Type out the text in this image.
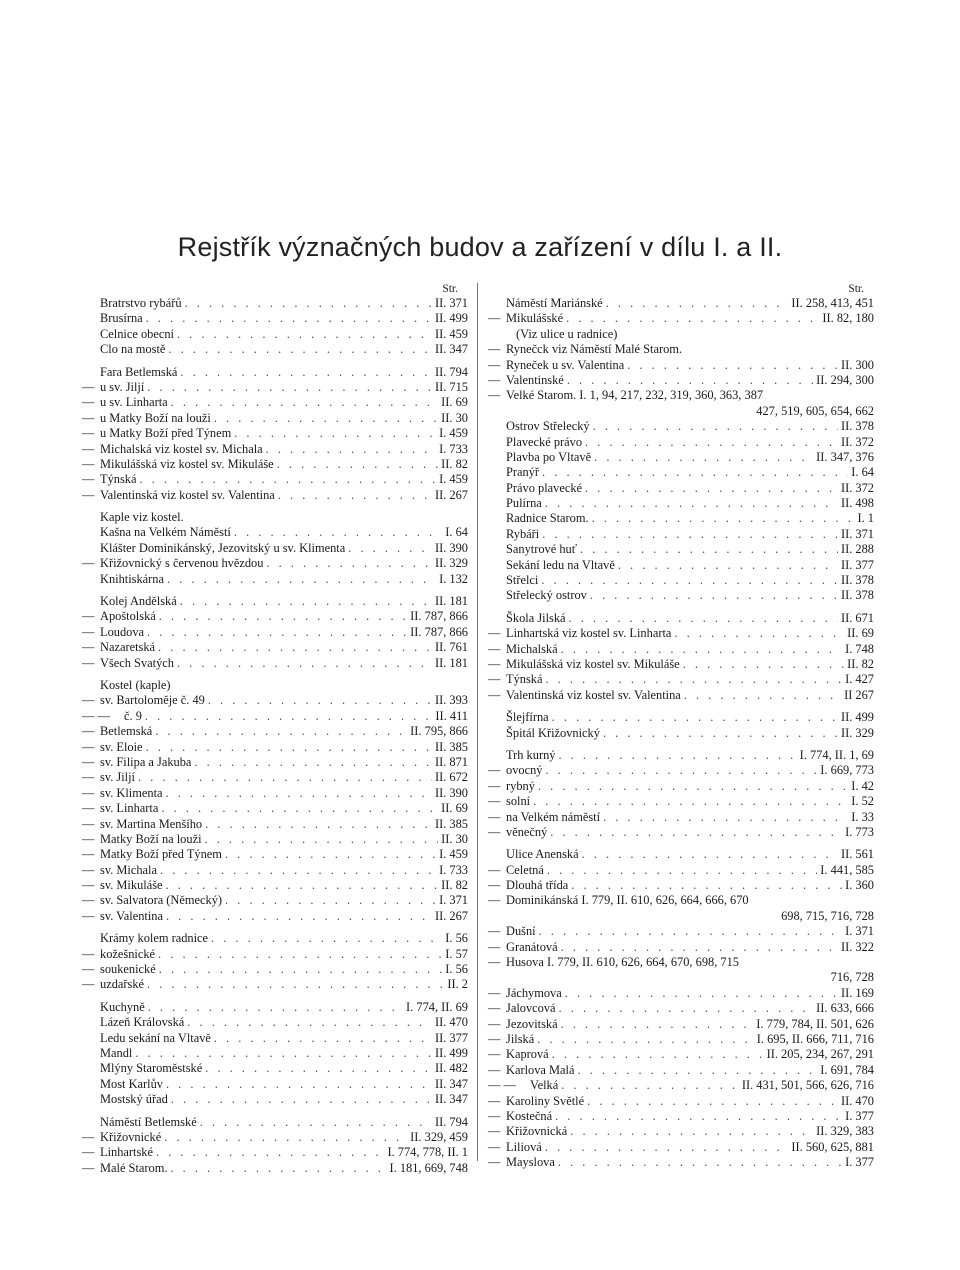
Rejstřík význačných budov a zařízení v dílu I. a II.
Str.
Bratrstvo rybářů . . .	II. 371
Brusírna . . .	II. 499
Celnice obecní . . .	II. 459
Clo na mostě . . .	II. 347
Fara Betlemská . . .	II. 794
— u sv. Jiljí . . .	II. 715
— u sv. Linharta . . .	II. 69
— u Matky Boží na louži . . .	II. 30
— u Matky Boží před Týnem . . .	I. 459
— Michalská viz kostel sv. Michala . . .	I. 733
— Mikulášská viz kostel sv. Mikuláše . . .	II. 82
— Týnská . . .	I. 459
— Valentinská viz kostel sv. Valentina . . .	II. 267
Kaple viz kostel.
Kašna na Velkém Náměstí . . .	I. 64
Klášter Dominikánský, Jezovitský u sv. Klimenta . . .	II. 390
— Křižovnický s červenou hvězdou . . .	II. 329
Knihtiskárna . . .	I. 132
Kolej Andělská . . .	II. 181
— Apoštolská . . .	II. 787, 866
— Loudova . . .	II. 787, 866
— Nazaretská . . .	II. 761
— Všech Svatých . . .	II. 181
Kostel (kaple)
— sv. Bartoloměje č. 49 . . .	II. 393
— —	č. 9 . . .	II. 411
— Betlemská . . .	II. 795, 866
— sv. Eloie . . .	II. 385
— sv. Filipa a Jakuba . . .	II. 871
— sv. Jiljí . . .	II. 672
— sv. Klimenta . . .	II. 390
— sv. Linharta . . .	II. 69
— sv. Martina Menšího . . .	II. 385
— Matky Boží na louži . . .	II. 30
— Matky Boží před Týnem . . .	I. 459
— sv. Michala . . .	I. 733
— sv. Mikuláše . . .	II. 82
— sv. Salvatora (Německý) . . .	I. 371
— sv. Valentina . . .	II. 267
Krámy kolem radnice . . .	I. 56
— kožešnické . . .	I. 57
— soukenické . . .	I. 56
— uzdařské . . .	II. 2
Kuchyně . . .	I. 774, II. 69
Lázeň Královská . . .	II. 470
Ledu sekání na Vltavě . . .	II. 377
Mandl . . .	II. 499
Mlýny Staroměstské . . .	II. 482
Most Karlův . . .	II. 347
Mostský úřad . . .	II. 347
Náměstí Betlemské . . .	II. 794
— Křižovnické . . .	II. 329, 459
— Linhartské . . .	I. 774, 778, II. 1
— Malé Starom. . . .	I. 181, 669, 748
Str.
Náměstí Mariánské . . .	II. 258, 413, 451
— Mikulášské . . .	II. 82, 180
(Viz ulice u radnice)
— Rynečck viz Náměstí Malé Starom.
— Ryneček u sv. Valentina . . .	II. 300
— Valentinské . . .	II. 294, 300
— Velké Starom. I. 1, 94, 217, 232, 319, 360, 363, 387
427, 519, 605, 654, 662
Ostrov Střelecký . . .	II. 378
Plavecké právo . . .	II. 372
Plavba po Vltavě . . .	II. 347, 376
Pranýř . . .	I. 64
Právo plavecké . . .	II. 372
Pulírna . . .	II. 498
Radnice Starom. . . .	I. 1
Rybáři . . .	II. 371
Sanytrové huť . . .	II. 288
Sekání ledu na Vltavě . . .	II. 377
Střelci . . .	II. 378
Střelecký ostrov . . .	II. 378
Škola Jilská . . .	II. 671
— Linhartská viz kostel sv. Linharta . . .	II. 69
— Michalská . . .	I. 748
— Mikulášská viz kostel sv. Mikuláše . . .	II. 82
— Týnská . . .	I. 427
— Valentinská viz kostel sv. Valentina . . .	II 267
Šlejfírna . . .	II. 499
Špitál Křižovnický . . .	II. 329
Trh kurný . . .	I. 774, II. 1, 69
— ovocný . . .	I. 669, 773
— rybný . . .	I. 42
— solní . . .	I. 52
— na Velkém náměstí . . .	I. 33
— věnečný . . .	I. 773
Ulice Anenská . . .	II. 561
— Celetná . . .	I. 441, 585
— Dlouhá třída . . .	I. 360
— Dominikánská I. 779, II. 610, 626, 664, 666, 670
698, 715, 716, 728
— Dušní . . .	I. 371
— Granátová . . .	II. 322
— Husova I. 779, II. 610, 626, 664, 670, 698, 715
716, 728
— Jáchymova . . .	II. 169
— Jalovcová . . .	II. 633, 666
— Jezovitská . . .	I. 779, 784, II. 501, 626
— Jilská . . .	I. 695, II. 666, 711, 716
— Kaprová . . .	II. 205, 234, 267, 291
— Karlova Malá . . .	I. 691, 784
— —	Velká . . .	II. 431, 501, 566, 626, 716
— Karoliny Světlé . . .	II. 470
— Kostečná . . .	I. 377
— Křižovnická . . .	II. 329, 383
— Liliová . . .	II. 560, 625, 881
— Mayslova . . .	I. 377
